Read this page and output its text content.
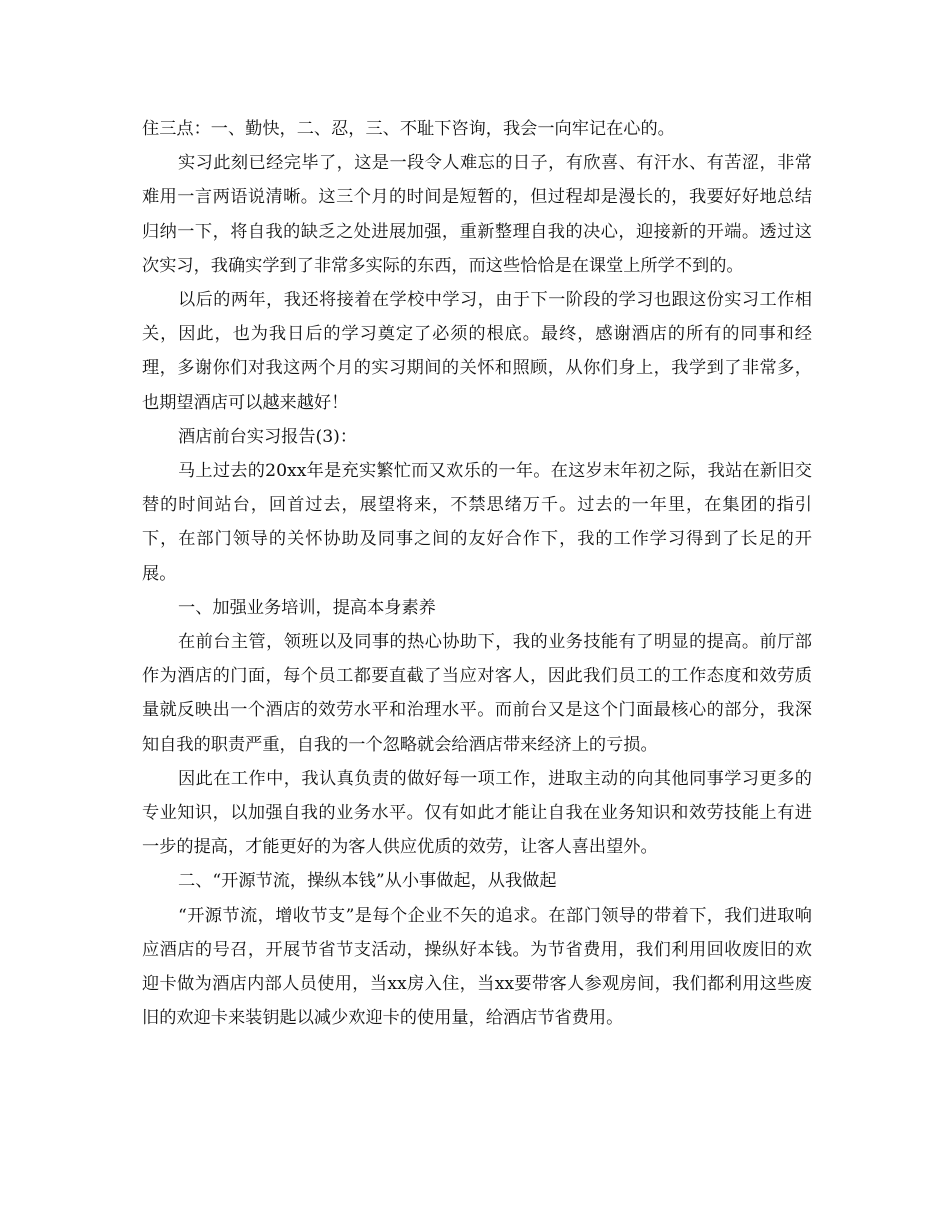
住三点：一、勤快，二、忍，三、不耻下咨询，我会一向牢记在心的。

实习此刻已经完毕了，这是一段令人难忘的日子，有欣喜、有汗水、有苦涩，非常难用一言两语说清晰。这三个月的时间是短暂的，但过程却是漫长的，我要好好地总结归纳一下，将自我的缺乏之处进展加强，重新整理自我的决心，迎接新的开端。透过这次实习，我确实学到了非常多实际的东西，而这些恰恰是在课堂上所学不到的。

以后的两年，我还将接着在学校中学习，由于下一阶段的学习也跟这份实习工作相关，因此，也为我日后的学习奠定了必须的根底。最终，感谢酒店的所有的同事和经理，多谢你们对我这两个月的实习期间的关怀和照顾，从你们身上，我学到了非常多，也期望酒店可以越来越好！

酒店前台实习报告(3)：

马上过去的20xx年是充实繁忙而又欢乐的一年。在这岁末年初之际，我站在新旧交替的时间站台，回首过去，展望将来，不禁思绪万千。过去的一年里，在集团的指引下，在部门领导的关怀协助及同事之间的友好合作下，我的工作学习得到了长足的开展。

一、加强业务培训，提高本身素养

在前台主管，领班以及同事的热心协助下，我的业务技能有了明显的提高。前厅部作为酒店的门面，每个员工都要直截了当应对客人，因此我们员工的工作态度和效劳质量就反映出一个酒店的效劳水平和治理水平。而前台又是这个门面最核心的部分，我深知自我的职责严重，自我的一个忽略就会给酒店带来经济上的亏损。

因此在工作中，我认真负责的做好每一项工作，进取主动的向其他同事学习更多的专业知识，以加强自我的业务水平。仅有如此才能让自我在业务知识和效劳技能上有进一步的提高，才能更好的为客人供应优质的效劳，让客人喜出望外。

二、“开源节流，操纵本钱”从小事做起，从我做起

“开源节流，增收节支”是每个企业不矢的追求。在部门领导的带着下，我们进取响应酒店的号召，开展节省节支活动，操纵好本钱。为节省费用，我们利用回收废旧的欢迎卡做为酒店内部人员使用，当xx房入住，当xx要带客人参观房间，我们都利用这些废旧的欢迎卡来装钥匙以减少欢迎卡的使用量，给酒店节省费用。
